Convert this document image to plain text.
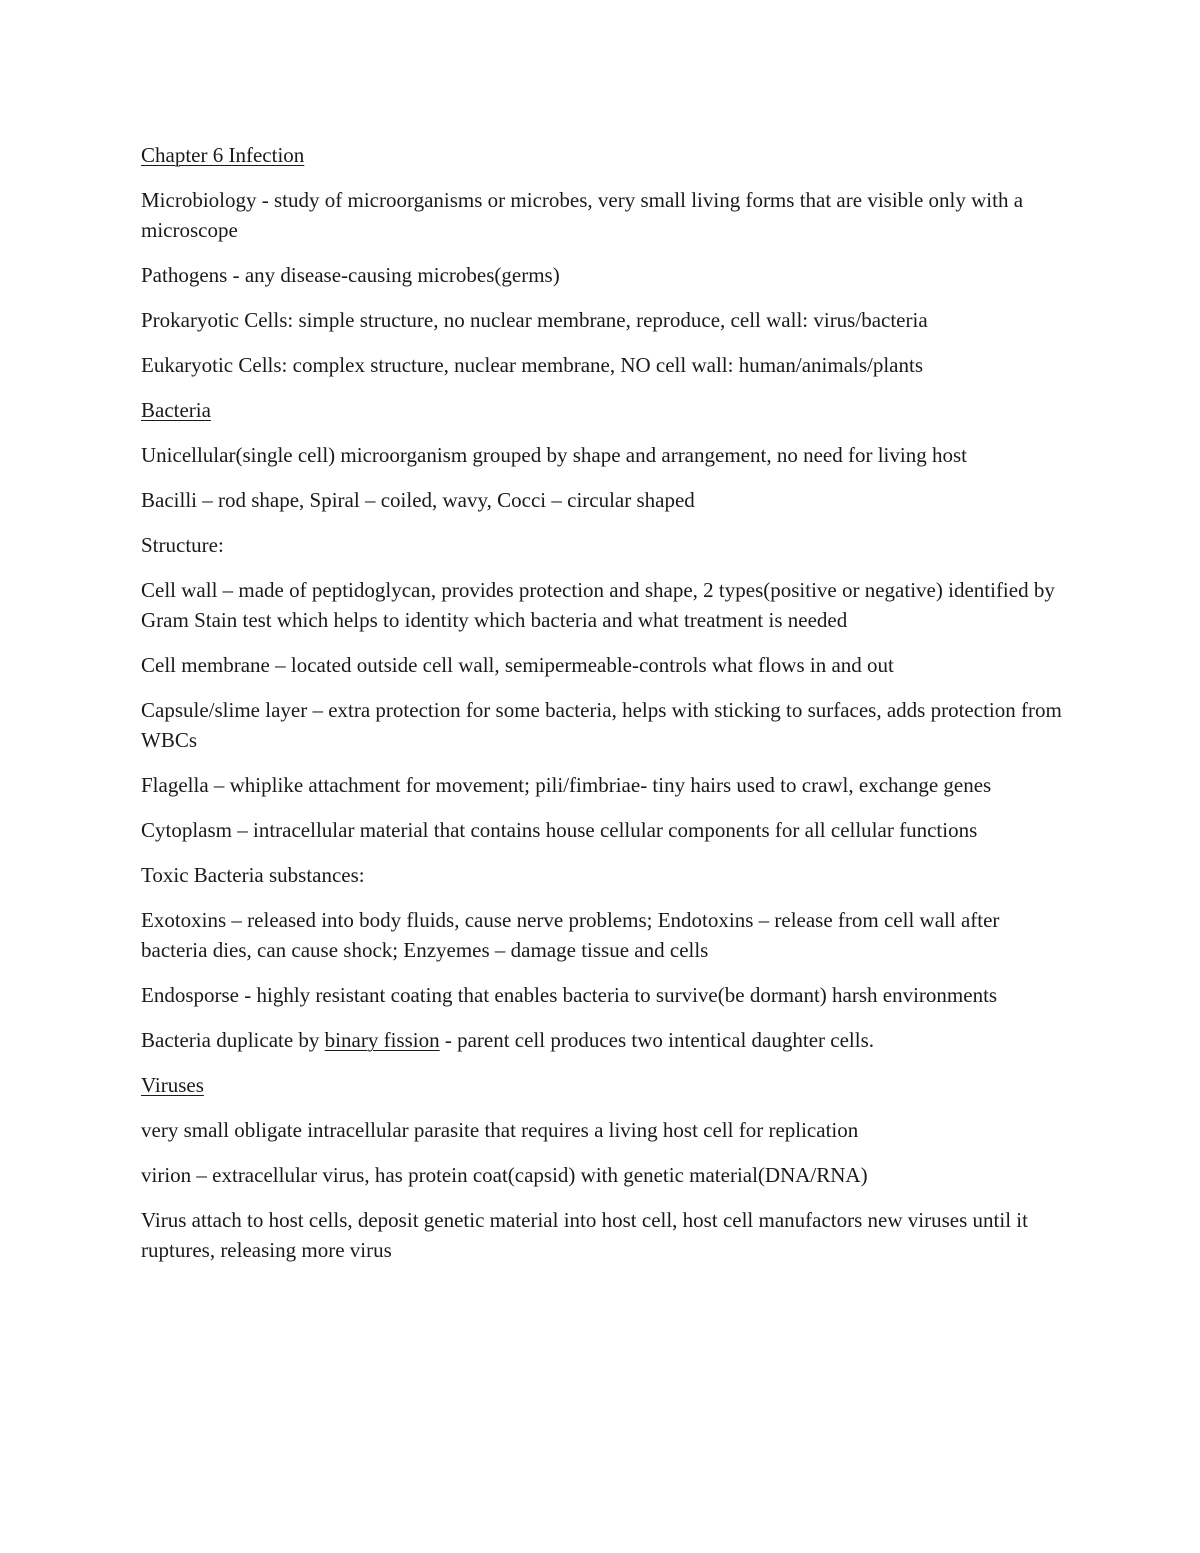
Chapter 6 Infection

Microbiology - study of microorganisms or microbes, very small living forms that are visible only with a microscope

Pathogens - any disease-causing microbes(germs)

Prokaryotic Cells: simple structure, no nuclear membrane, reproduce, cell wall: virus/bacteria

Eukaryotic Cells: complex structure, nuclear membrane, NO cell wall: human/animals/plants

Bacteria

Unicellular(single cell) microorganism grouped by shape and arrangement, no need for living host

Bacilli – rod shape, Spiral – coiled, wavy, Cocci – circular shaped

Structure:

Cell wall – made of peptidoglycan, provides protection and shape, 2 types(positive or negative) identified by Gram Stain test which helps to identity which bacteria and what treatment is needed

Cell membrane – located outside cell wall, semipermeable-controls what flows in and out

Capsule/slime layer – extra protection for some bacteria, helps with sticking to surfaces, adds protection from WBCs

Flagella – whiplike attachment for movement; pili/fimbriae- tiny hairs used to crawl, exchange genes

Cytoplasm – intracellular material that contains house cellular components for all cellular functions

Toxic Bacteria substances:

Exotoxins – released into body fluids, cause nerve problems; Endotoxins – release from cell wall after bacteria dies, can cause shock; Enzyemes – damage tissue and cells

Endosporse - highly resistant coating that enables bacteria to survive(be dormant) harsh environments

Bacteria duplicate by binary fission - parent cell produces two intentical daughter cells.

Viruses

very small obligate intracellular parasite that requires a living host cell for replication

virion – extracellular virus, has protein coat(capsid) with genetic material(DNA/RNA)

Virus attach to host cells, deposit genetic material into host cell, host cell manufactors new viruses until it ruptures, releasing more virus
